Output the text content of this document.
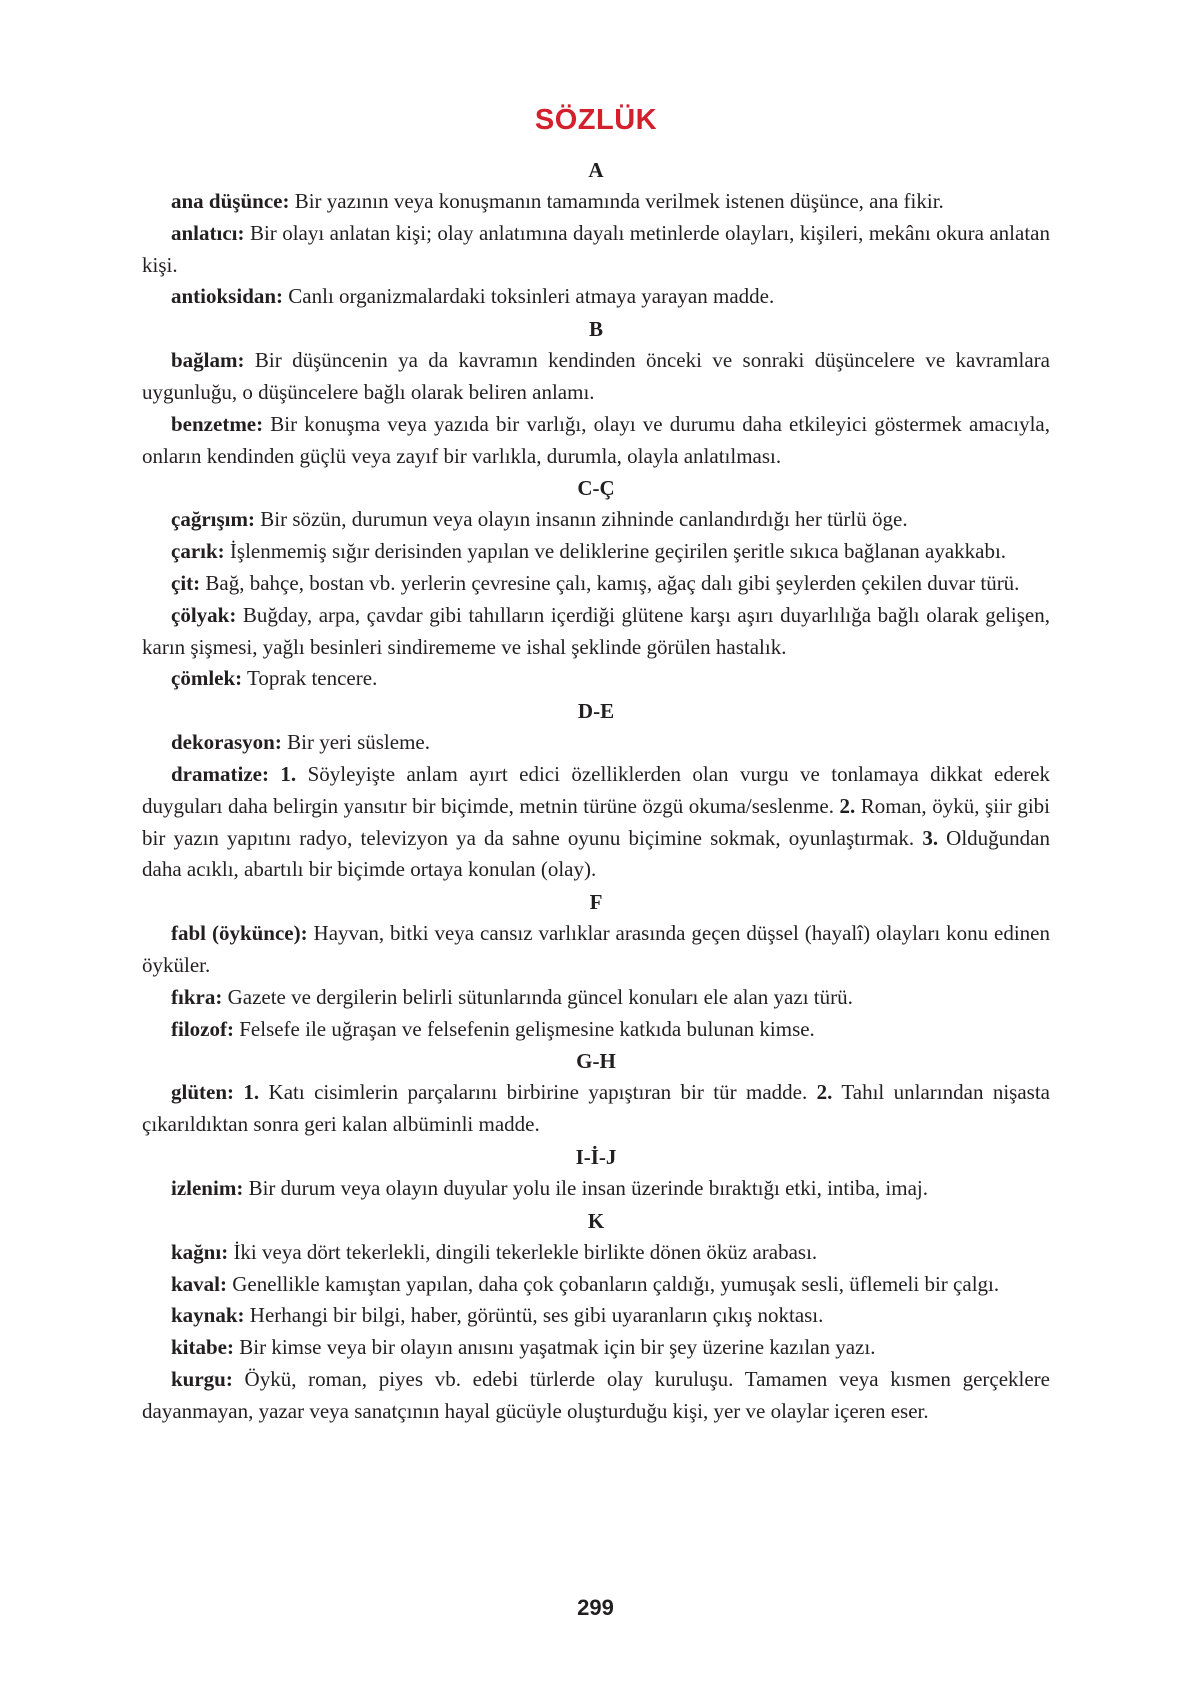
SÖZLÜK
A

ana düşünce: Bir yazının veya konuşmanın tamamında verilmek istenen düşünce, ana fikir.

anlatıcı: Bir olayı anlatan kişi; olay anlatımına dayalı metinlerde olayları, kişileri, mekânı okura anlatan kişi.

antioksidan: Canlı organizmalardaki toksinleri atmaya yarayan madde.

B

bağlam: Bir düşüncenin ya da kavramın kendinden önceki ve sonraki düşüncelere ve kavramlara uygunluğu, o düşüncelere bağlı olarak beliren anlamı.

benzetme: Bir konuşma veya yazıda bir varlığı, olayı ve durumu daha etkileyici göstermek amacıyla, onların kendinden güçlü veya zayıf bir varlıkla, durumla, olayla anlatılması.

C-Ç

çağrışım: Bir sözün, durumun veya olayın insanın zihninde canlandırdığı her türlü öge.

çarık: İşlenmemiş sığır derisinden yapılan ve deliklerine geçirilen şeritle sıkıca bağlanan ayakkabı.

çit: Bağ, bahçe, bostan vb. yerlerin çevresine çalı, kamış, ağaç dalı gibi şeylerden çekilen duvar türü.

çölyak: Buğday, arpa, çavdar gibi tahılların içerdiği glütene karşı aşırı duyarlılığa bağlı olarak gelişen, karın şişmesi, yağlı besinleri sindirememe ve ishal şeklinde görülen hastalık.

çömlek: Toprak tencere.

D-E

dekorasyon: Bir yeri süsleme.

dramatize: 1. Söyleyişte anlam ayırt edici özelliklerden olan vurgu ve tonlamaya dikkat ederek duyguları daha belirgin yansıtır bir biçimde, metnin türüne özgü okuma/seslenme. 2. Roman, öykü, şiir gibi bir yazın yapıtını radyo, televizyon ya da sahne oyunu biçimine sokmak, oyunlaştırmak. 3. Olduğundan daha acıklı, abartılı bir biçimde ortaya konulan (olay).

F

fabl (öykünce): Hayvan, bitki veya cansız varlıklar arasında geçen düşsel (hayalî) olayları konu edinen öyküler.

fıkra: Gazete ve dergilerin belirli sütunlarında güncel konuları ele alan yazı türü.

filozof: Felsefe ile uğraşan ve felsefenin gelişmesine katkıda bulunan kimse.

G-H

glüten: 1. Katı cisimlerin parçalarını birbirine yapıştıran bir tür madde. 2. Tahıl unlarından nişasta çıkarıldıktan sonra geri kalan albüminli madde.

I-İ-J

izlenim: Bir durum veya olayın duyular yolu ile insan üzerinde bıraktığı etki, intiba, imaj.

K

kağnı: İki veya dört tekerlekli, dingili tekerlekle birlikte dönen öküz arabası.

kaval: Genellikle kamıştan yapılan, daha çok çobanların çaldığı, yumuşak sesli, üflemeli bir çalgı.

kaynak: Herhangi bir bilgi, haber, görüntü, ses gibi uyaranların çıkış noktası.

kitabe: Bir kimse veya bir olayın anısını yaşatmak için bir şey üzerine kazılan yazı.

kurgu: Öykü, roman, piyes vb. edebi türlerde olay kuruluşu. Tamamen veya kısmen gerçeklere dayanmayan, yazar veya sanatçının hayal gücüyle oluşturduğu kişi, yer ve olaylar içeren eser.

299
